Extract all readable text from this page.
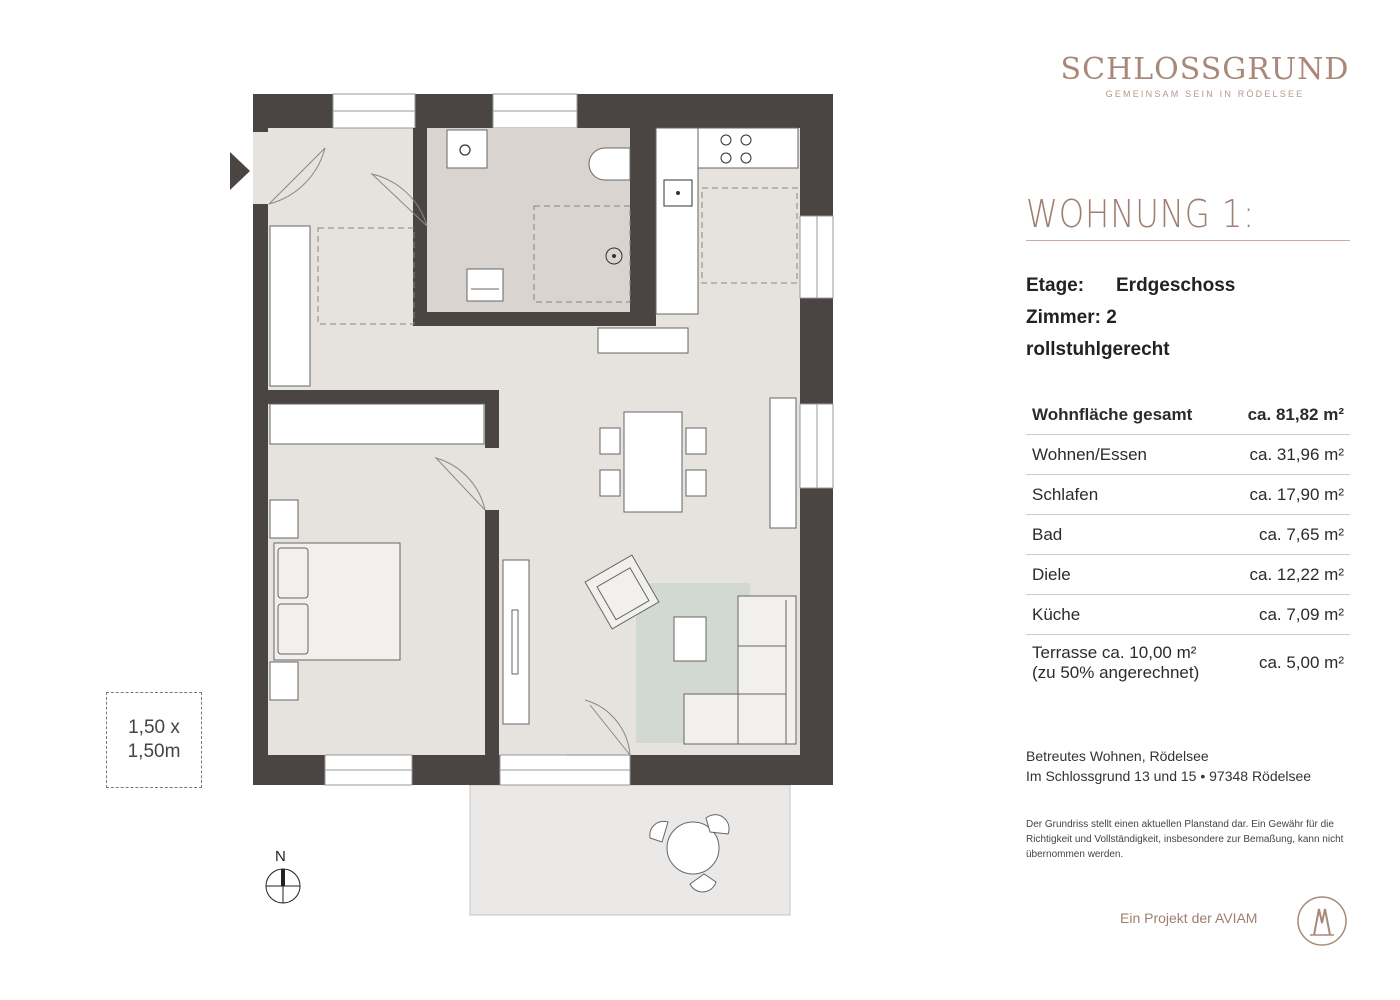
N
1,50 x
1,50m
SCHLOSSGRUND
GEMEINSAM SEIN IN RÖDELSEE
WOHNUNG 1:
Etage: Erdgeschoss
Zimmer: 2
rollstuhlgerecht
Wohnfläche gesamt	ca. 81,82 m²
Wohnen/Essen	ca. 31,96 m²
Schlafen	ca. 17,90 m²
Bad	ca. 7,65 m²
Diele	ca. 12,22 m²
Küche	ca. 7,09 m²

Terrasse ca. 10,00 m²
(zu 50% angerechnet)	ca. 5,00 m²
Betreutes Wohnen, Rödelsee
Im Schlossgrund 13 und 15 • 97348 Rödelsee
Der Grundriss stellt einen aktuellen Planstand dar. Ein Gewähr für die Richtigkeit und Vollständigkeit, insbesondere zur Bemaßung, kann nicht übernommen werden.
Ein Projekt der AVIAM
